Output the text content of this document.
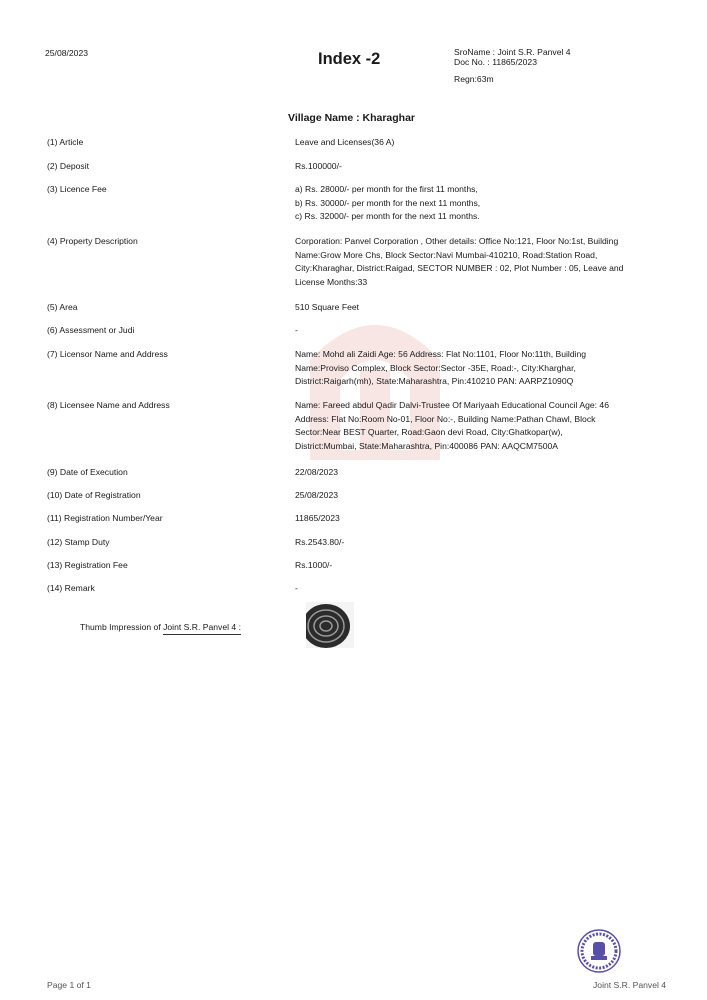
25/08/2023	Index -2	SroName : Joint S.R. Panvel 4
Doc No. : 11865/2023
Regn:63m
Village Name : Kharaghar
(1) Article	Leave and Licenses(36 A)
(2) Deposit	Rs.100000/-
(3) Licence Fee	a) Rs. 28000/- per month for the first 11 months,
b) Rs. 30000/- per month for the next 11 months,
c) Rs. 32000/- per month for the next 11 months.
(4) Property Description	Corporation: Panvel Corporation , Other details: Office No:121, Floor No:1st, Building
Name:Grow More Chs, Block Sector:Navi Mumbai-410210, Road:Station Road,
City:Kharaghar, District:Raigad, SECTOR NUMBER : 02, Plot Number : 05, Leave and
License Months:33
(5) Area	510 Square Feet
(6) Assessment or Judi	-
(7) Licensor Name and Address	Name: Mohd ali Zaidi Age: 56 Address: Flat No:1101, Floor No:11th, Building
Name:Proviso Complex, Block Sector:Sector -35E, Road:-, City:Kharghar,
District:Raigarh(mh), State:Maharashtra, Pin:410210 PAN: AARPZ1090Q
(8) Licensee Name and Address	Name: Fareed abdul Qadir Dalvi-Trustee Of Mariyaah Educational Council Age: 46
Address: Flat No:Room No-01, Floor No:-, Building Name:Pathan Chawl, Block
Sector:Near BEST Quarter, Road:Gaon devi Road, City:Ghatkopar(w),
District:Mumbai, State:Maharashtra, Pin:400086 PAN: AAQCM7500A
(9) Date of Execution	22/08/2023
(10) Date of Registration	25/08/2023
(11) Registration Number/Year	11865/2023
(12) Stamp Duty	Rs.2543.80/-
(13) Registration Fee	Rs.1000/-
(14) Remark	-
Thumb Impression of Joint S.R. Panvel 4 :
Page 1 of 1	Joint S.R. Panvel 4
